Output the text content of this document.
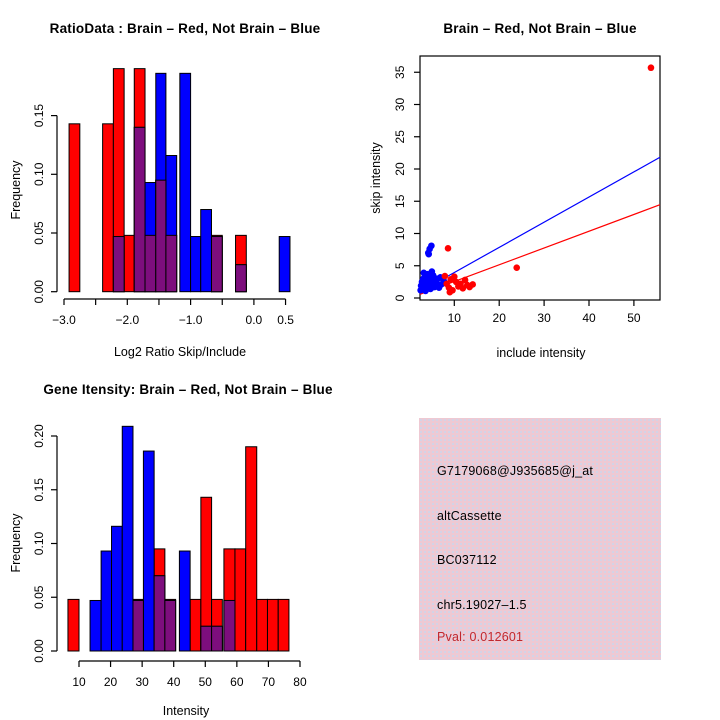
0.00
0.05
0.10
0.15
−3.0	−2.0	−1.0	0.0 0.5	10	20	30	40	50
0
5
10
15
20
25
30
35
0.00
0.05
0.10
0.15
0.20
10 20 30 40 50 60 70 80
RatioData : Brain – Red, Not Brain – Blue
Log2 Ratio Skip/Include
Frequency
Brain – Red, Not Brain – Blue
include intensity
skip intensity
Gene Itensity: Brain – Red, Not Brain – Blue
Intensity
Frequency
G7179068@J935685@j_at
altCassette
BC037112
chr5.19027–1.5
Pval: 0.012601
